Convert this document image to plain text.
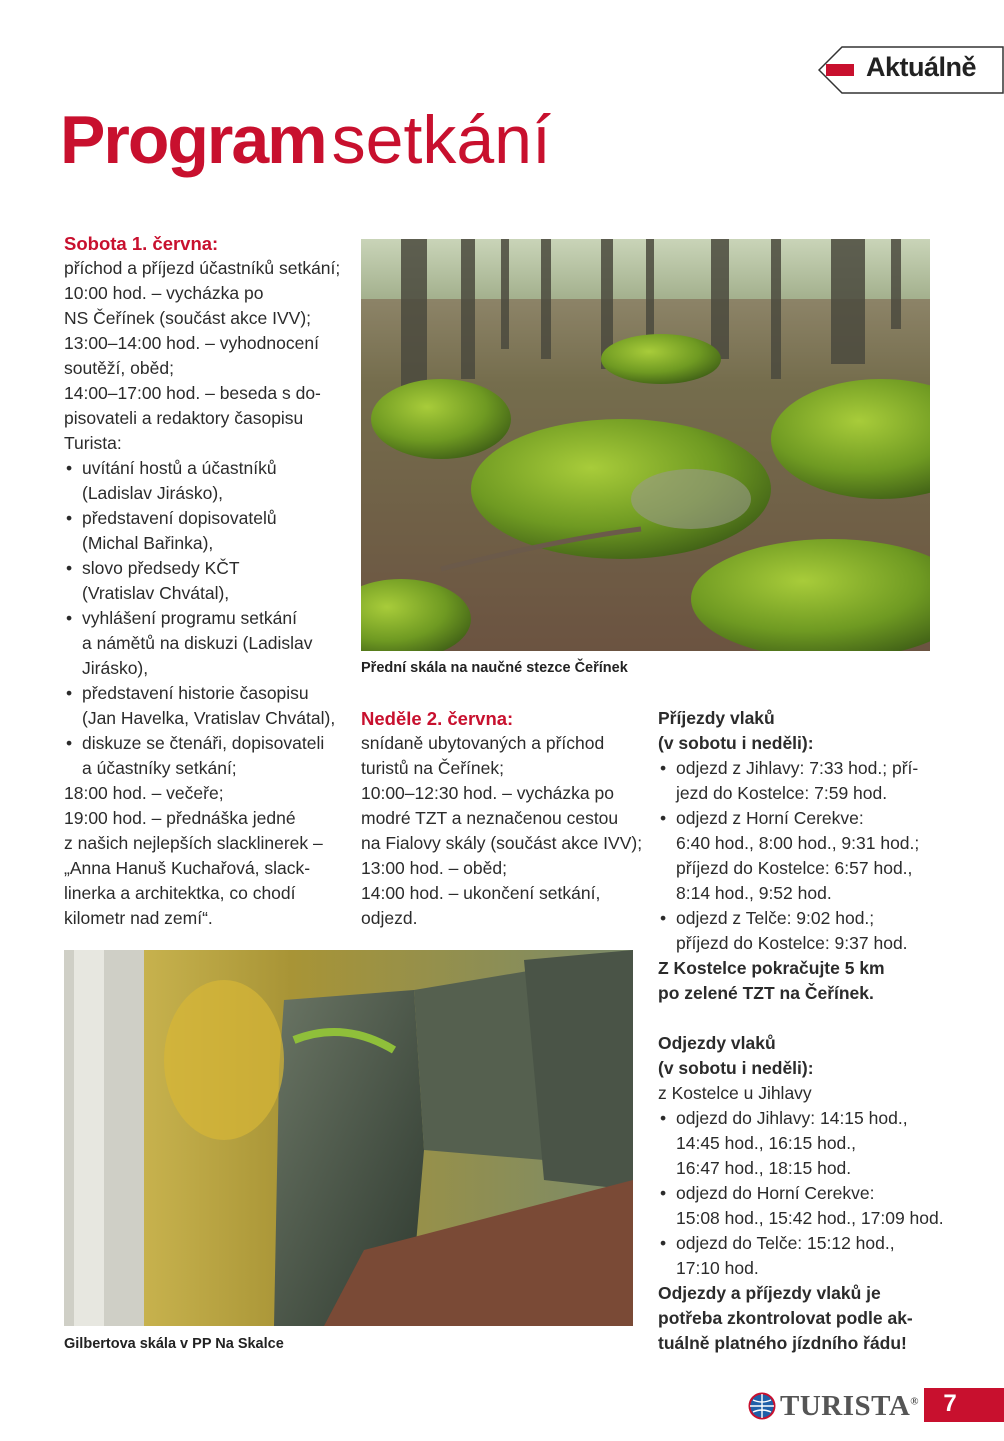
Aktuálně
Programsetkání
Sobota 1. června:
příchod a příjezd účastníků setkání;
10:00 hod. – vycházka po
NS Čeřínek (součást akce IVV);
13:00–14:00 hod. – vyhodnocení
soutěží, oběd;
14:00–17:00 hod. – beseda s do-
pisovateli a redaktory časopisu
Turista:
• uvítání hostů a účastníků
(Ladislav Jirásko),
• představení dopisovatelů
(Michal Bařinka),
• slovo předsedy KČT
(Vratislav Chvátal),
• vyhlášení programu setkání
a námětů na diskuzi (Ladislav
Jirásko),
• představení historie časopisu
(Jan Havelka, Vratislav Chvátal),
• diskuze se čtenáři, dopisovateli
a účastníky setkání;
18:00 hod. – večeře;
19:00 hod. – přednáška jedné
z našich nejlepších slacklinerek –
„Anna Hanuš Kuchařová, slack-
linerka a architektka, co chodí
kilometr nad zemí“.
Přední skála na naučné stezce Čeřínek
Neděle 2. června:
snídaně ubytovaných a příchod
turistů na Čeřínek;
10:00–12:30 hod. – vycházka po
modré TZT a neznačenou cestou
na Fialovy skály (součást akce IVV);
13:00 hod. – oběd;
14:00 hod. – ukončení setkání,
odjezd.
Příjezdy vlaků
(v sobotu i neděli):
• odjezd z Jihlavy: 7:33 hod.; pří-
jezd do Kostelce: 7:59 hod.
• odjezd z Horní Cerekve:
6:40 hod., 8:00 hod., 9:31 hod.;
příjezd do Kostelce: 6:57 hod.,
8:14 hod., 9:52 hod.
• odjezd z Telče: 9:02 hod.;
příjezd do Kostelce: 9:37 hod.
Z Kostelce pokračujte 5 km
po zelené TZT na Čeřínek.
Odjezdy vlaků
(v sobotu i neděli):
z Kostelce u Jihlavy
• odjezd do Jihlavy: 14:15 hod.,
14:45 hod., 16:15 hod.,
16:47 hod., 18:15 hod.
• odjezd do Horní Cerekve:
15:08 hod., 15:42 hod., 17:09 hod.
• odjezd do Telče: 15:12 hod.,
17:10 hod.
Odjezdy a příjezdy vlaků je
potřeba zkontrolovat podle ak-
tuálně platného jízdního řádu!
Gilbertova skála v PP Na Skalce
TURISTA®	7
